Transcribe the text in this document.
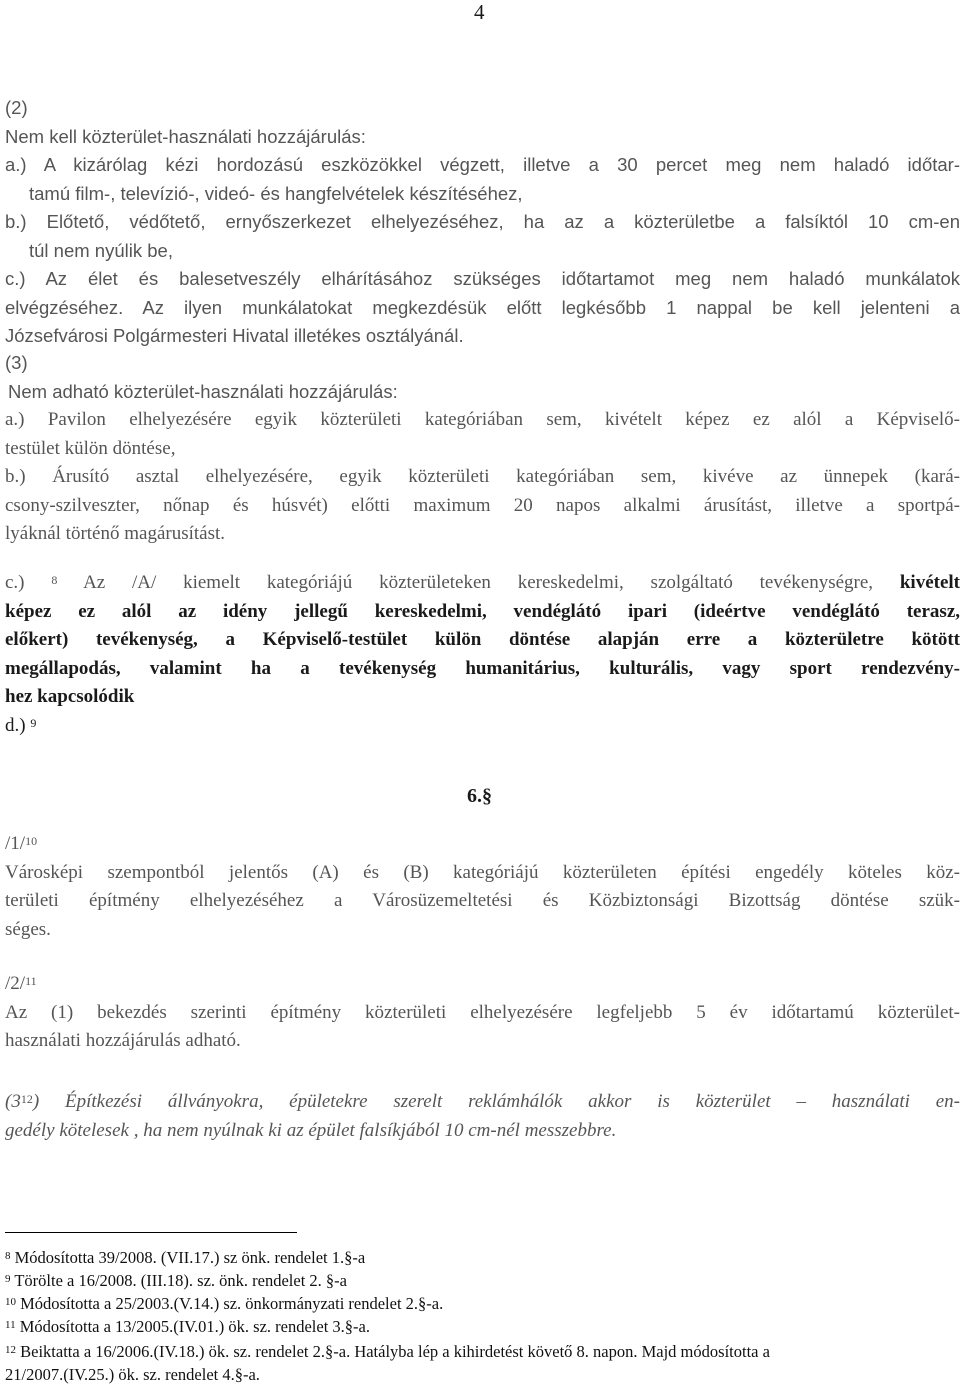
4
(2)
Nem kell közterület-használati hozzájárulás:
a.) A kizárólag kézi hordozású eszközökkel végzett, illetve a 30 percet meg nem haladó időtar-
tamú film-, televízió-, videó- és hangfelvételek készítéséhez,
b.) Előtető, védőtető, ernyőszerkezet elhelyezéséhez, ha az a közterületbe a falsíktól 10 cm-en
túl nem nyúlik be,
c.) Az élet és balesetveszély elhárításához szükséges időtartamot meg nem haladó munkálatok
elvégzéséhez. Az ilyen munkálatokat megkezdésük előtt legkésőbb 1 nappal be kell jelenteni a
Józsefvárosi Polgármesteri Hivatal illetékes osztályánál.
(3)
Nem adható közterület-használati hozzájárulás:
a.) Pavilon elhelyezésére egyik közterületi kategóriában sem, kivételt képez ez alól a Képviselő-
testület külön döntése,
b.) Árusító asztal elhelyezésére, egyik közterületi kategóriában sem, kivéve az ünnepek (kará-
csony-szilveszter, nőnap és húsvét) előtti maximum 20 napos alkalmi árusítást, illetve a sportpá-
lyáknál történő magárusítást.
c.) $^8$ Az /A/ kiemelt kategóriájú közterületeken kereskedelmi, szolgáltató tevékenységre, kivételt
képez ez alól az idény jellegű kereskedelmi, vendéglátó ipari (ideértve vendéglátó terasz,
előkert) tevékenység, a Képviselő-testület külön döntése alapján erre a közterületre kötött
megállapodás, valamint ha a tevékenység humanitárius, kulturális, vagy sport rendezvény-
hez kapcsolódik
d.) $^9$
6.§
/1/$^{10}$
Városképi szempontból jelentős (A) és (B) kategóriájú közterületen építési engedély köteles köz-
területi építmény elhelyezéséhez a Városüzemeltetési és Közbiztonsági Bizottság döntése szük-
séges.
/2/$^{11}$
Az (1) bekezdés szerinti építmény közterületi elhelyezésére legfeljebb 5 év időtartamú közterület-
használati hozzájárulás adható.
$(3^{12})$ Építkezési állványokra, épületekre szerelt reklámhálók akkor is közterület – használati en-
gedély kötelesek , ha nem nyúlnak ki az épület falsíkjából 10 cm-nél messzebbre.
$^8$ Módosította 39/2008. (VII.17.) sz önk. rendelet 1.§-a
$^9$ Törölte a 16/2008. (III.18). sz. önk. rendelet 2. §-a
$^{10}$ Módosította a 25/2003.(V.14.) sz. önkormányzati rendelet 2.§-a.
$^{11}$ Módosította a 13/2005.(IV.01.) ök. sz. rendelet 3.§-a.
$^{12}$ Beiktatta a 16/2006.(IV.18.) ök. sz. rendelet 2.§-a. Hatályba lép a kihirdetést követő 8. napon. Majd módosította a
21/2007.(IV.25.) ök. sz. rendelet 4.§-a.
